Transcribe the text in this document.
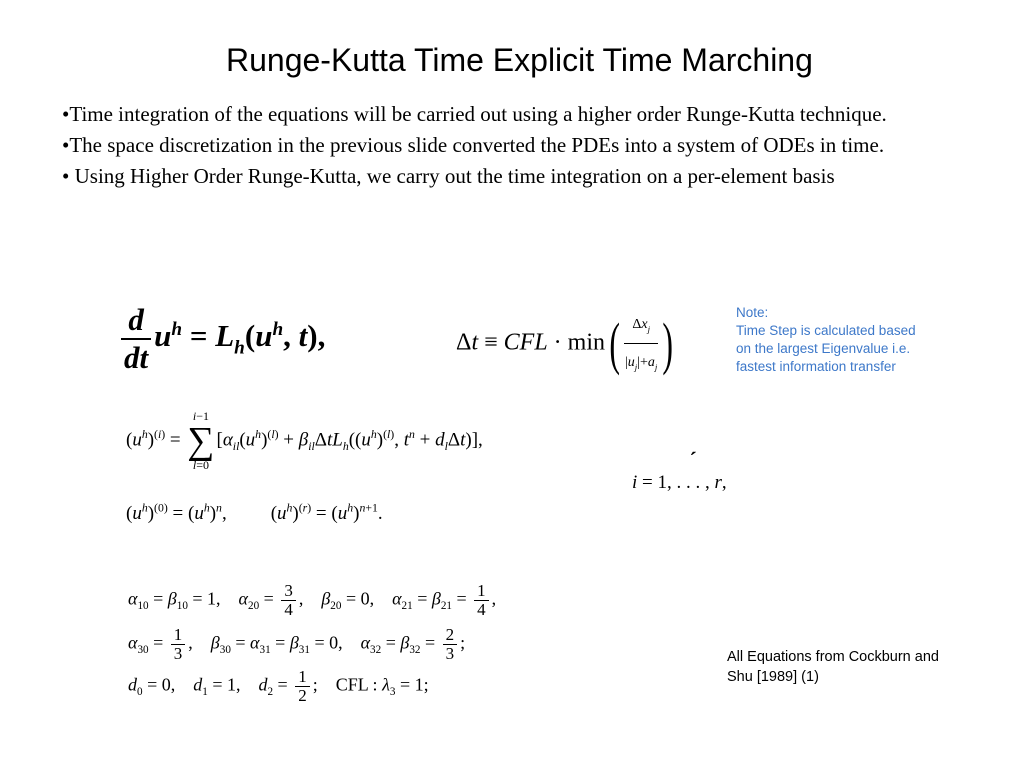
Runge-Kutta Time Explicit Time Marching

•Time integration of the equations will be carried out using a higher order Runge-Kutta technique.

•The space discretization in the previous slide converted the PDEs into a system of ODEs in time.

• Using Higher Order Runge-Kutta, we carry out the time integration on a per-element basis

$\frac{d}{dt} u^h = L_h(u^h$, t),	Δt ≡ CFL · $\min( \frac{\Delta x_j}{|u_j|+a_j}$ )	Note:
Time Step is calculated based
on the largest Eigenvalue i.e.
fastest information transfer
$(u^h)^{(i)} = i-1$
∑
$l=0[\alpha_{il}(u^h)^{(l)} + \beta_{il}\Delta tL_h((u^h)^{(l)}$, $t^n + d_l\Delta t$)],	ˏ
i = 1, . . . , r,
$(u^h)^{(0)} = (u^h)^n$, $(u^h)^{(r)} = (u^h)^{n+1}$.
$\alpha_{10} = \beta_{10} = 1$,    $\alpha_{20} = \frac{3}{4}$ ,    $\beta_{20} = 0$,    $\alpha_{21} = \beta_{21} = \frac{1}{4}$ ,
$\alpha_{30} = \frac{1}{3}$ ,    $\beta_{30} = \alpha_{31} = \beta_{31} = 0$,    $\alpha_{32} = \beta_{32} = \frac{2}{3}$ ;
$d_0 = 0$,    $d_1 = 1$,    $d_2 = \frac{1}{2}$ ;    CFL : $\lambda_3 = 1$;
All Equations from Cockburn and Shu [1989] (1)
